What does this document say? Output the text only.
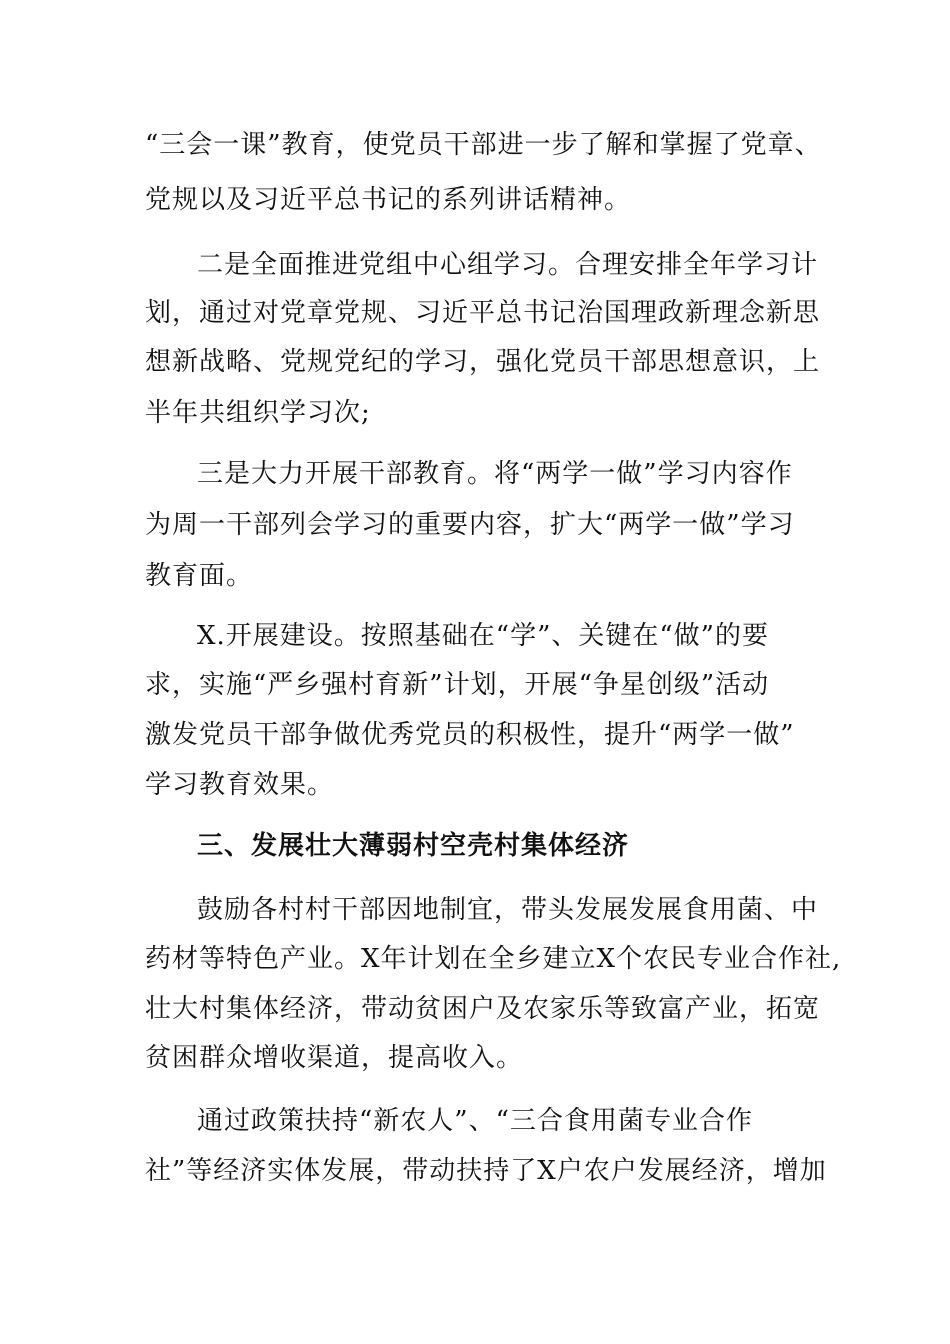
“三会一课”教育，使党员干部进一步了解和掌握了党章、
党规以及习近平总书记的系列讲话精神。
二是全面推进党组中心组学习。合理安排全年学习计
划，通过对党章党规、习近平总书记治国理政新理念新思
想新战略、党规党纪的学习，强化党员干部思想意识，上
半年共组织学习次;
三是大力开展干部教育。将“两学一做”学习内容作
为周一干部列会学习的重要内容，扩大“两学一做”学习
教育面。
X.开展建设。按照基础在“学”、关键在“做”的要
求，实施“严乡强村育新”计划，开展“争星创级”活动
激发党员干部争做优秀党员的积极性，提升“两学一做”
学习教育效果。
三、发展壮大薄弱村空壳村集体经济
鼓励各村村干部因地制宜，带头发展发展食用菌、中
药材等特色产业。X年计划在全乡建立X个农民专业合作社,
壮大村集体经济，带动贫困户及农家乐等致富产业，拓宽
贫困群众增收渠道，提高收入。
通过政策扶持“新农人”、“三合食用菌专业合作
社”等经济实体发展，带动扶持了X户农户发展经济，增加
